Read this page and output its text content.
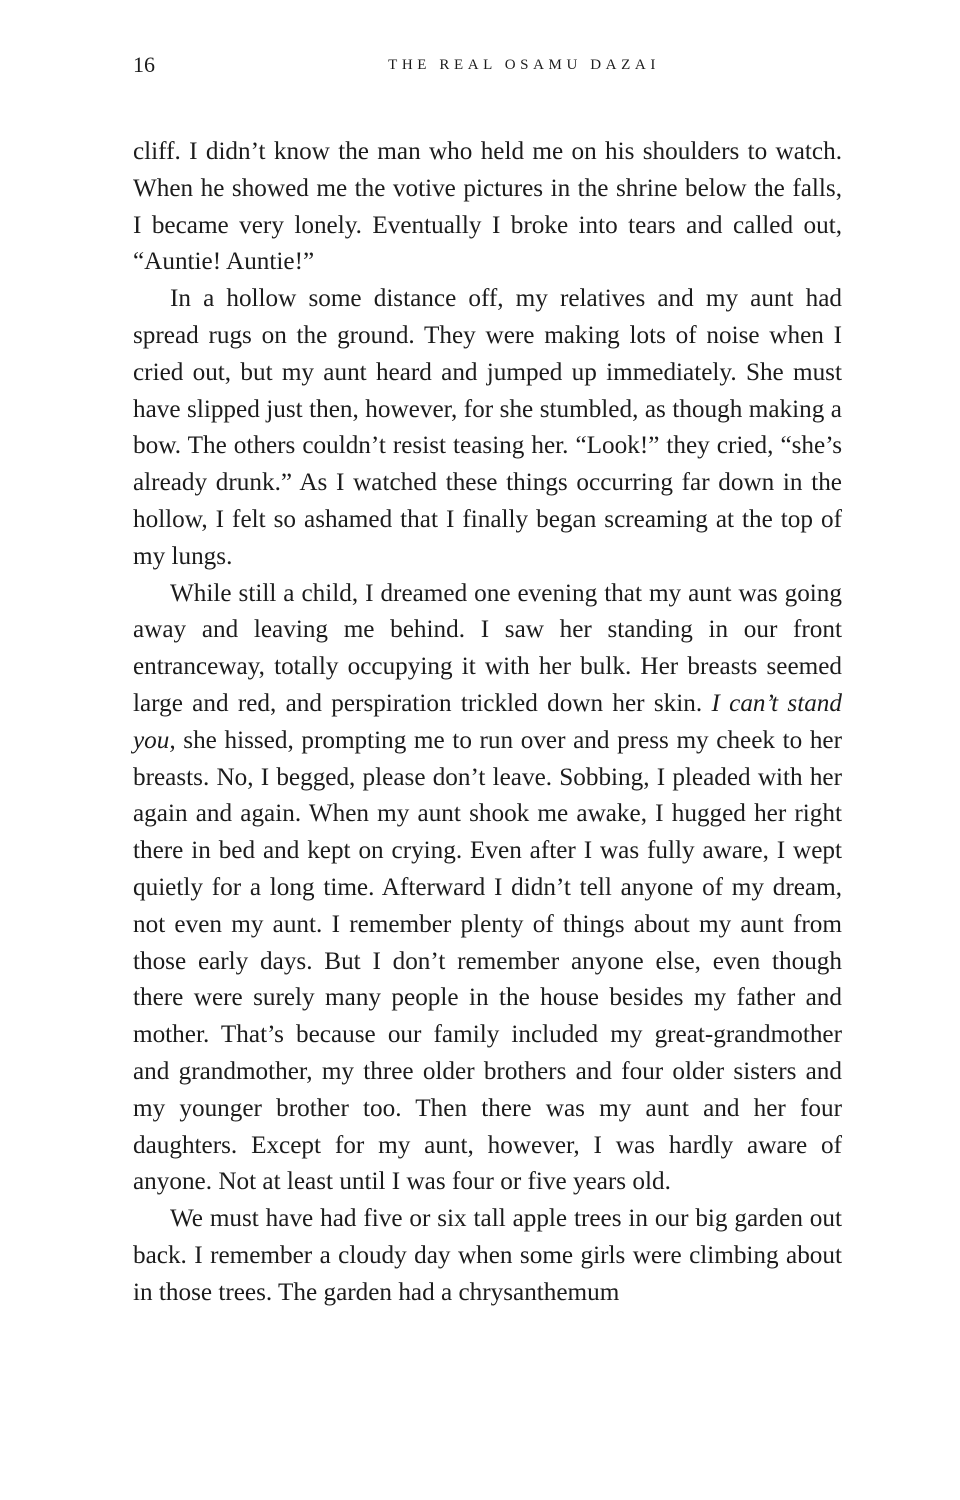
16	THE REAL OSAMU DAZAI

cliff. I didn’t know the man who held me on his shoulders to watch. When he showed me the votive pictures in the shrine below the falls, I became very lonely. Eventually I broke into tears and called out, “Auntie! Auntie!”

In a hollow some distance off, my relatives and my aunt had spread rugs on the ground. They were making lots of noise when I cried out, but my aunt heard and jumped up immediately. She must have slipped just then, however, for she stumbled, as though making a bow. The others couldn’t resist teasing her. “Look!” they cried, “she’s already drunk.” As I watched these things occurring far down in the hollow, I felt so ashamed that I finally began screaming at the top of my lungs.

While still a child, I dreamed one evening that my aunt was going away and leaving me behind. I saw her standing in our front entranceway, totally occupying it with her bulk. Her breasts seemed large and red, and perspiration trickled down her skin. I can’t stand you, she hissed, prompting me to run over and press my cheek to her breasts. No, I begged, please don’t leave. Sobbing, I pleaded with her again and again. When my aunt shook me awake, I hugged her right there in bed and kept on crying. Even after I was fully aware, I wept quietly for a long time. Afterward I didn’t tell anyone of my dream, not even my aunt. I remember plenty of things about my aunt from those early days. But I don’t remember anyone else, even though there were surely many people in the house besides my father and mother. That’s because our family included my great-grandmother and grandmother, my three older brothers and four older sisters and my younger brother too. Then there was my aunt and her four daughters. Except for my aunt, however, I was hardly aware of anyone. Not at least until I was four or five years old.

We must have had five or six tall apple trees in our big garden out back. I remember a cloudy day when some girls were climbing about in those trees. The garden had a chrysanthemum
